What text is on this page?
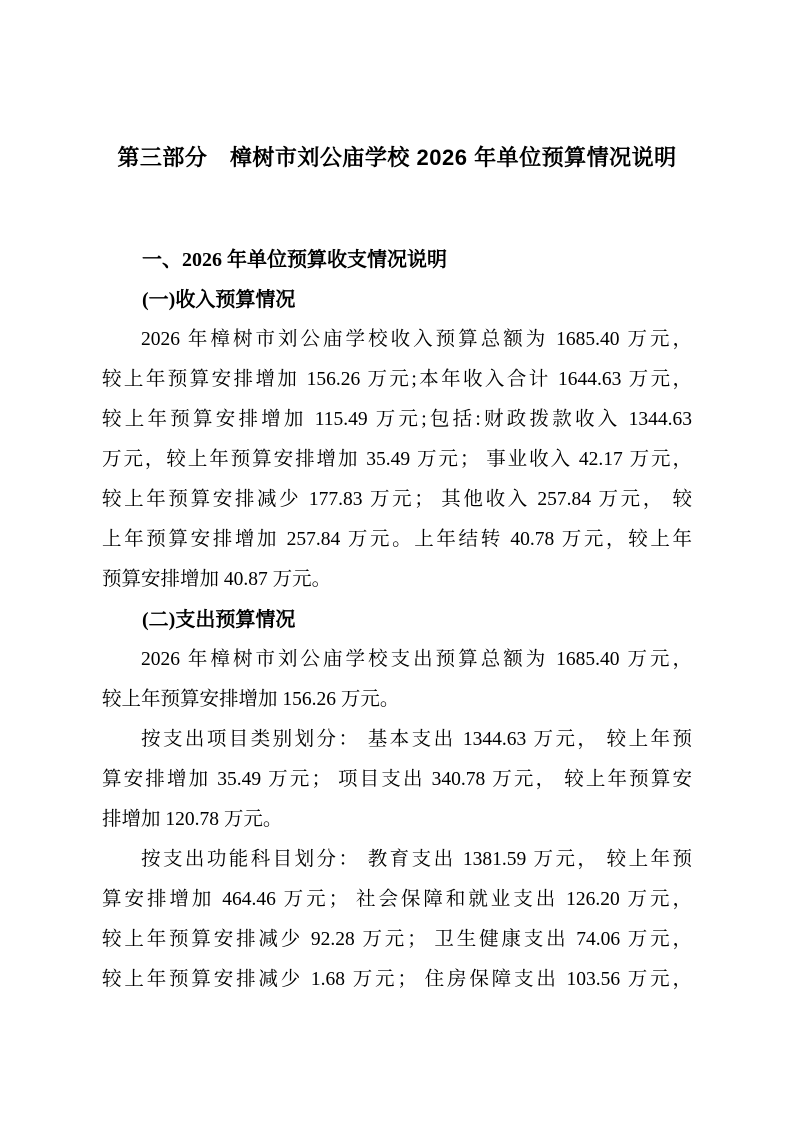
第三部分　樟树市刘公庙学校 2026 年单位预算情况说明
一、2026 年单位预算收支情况说明
(一)收入预算情况
2026 年樟树市刘公庙学校收入预算总额为 1685.40 万元，
较上年预算安排增加 156.26 万元;本年收入合计 1644.63 万元，
较上年预算安排增加 115.49 万元;包括:财政拨款收入 1344.63
万元，较上年预算安排增加 35.49 万元； 事业收入 42.17 万元，
较上年预算安排减少 177.83 万元； 其他收入 257.84 万元， 较
上年预算安排增加 257.84 万元。上年结转 40.78 万元，较上年
预算安排增加 40.87 万元。
(二)支出预算情况
2026 年樟树市刘公庙学校支出预算总额为 1685.40 万元，
较上年预算安排增加 156.26 万元。
按支出项目类别划分： 基本支出 1344.63 万元， 较上年预
算安排增加 35.49 万元； 项目支出 340.78 万元， 较上年预算安
排增加 120.78 万元。
按支出功能科目划分： 教育支出 1381.59 万元， 较上年预
算安排增加 464.46 万元； 社会保障和就业支出 126.20 万元，
较上年预算安排减少 92.28 万元； 卫生健康支出 74.06 万元，
较上年预算安排减少 1.68 万元； 住房保障支出 103.56 万元，
